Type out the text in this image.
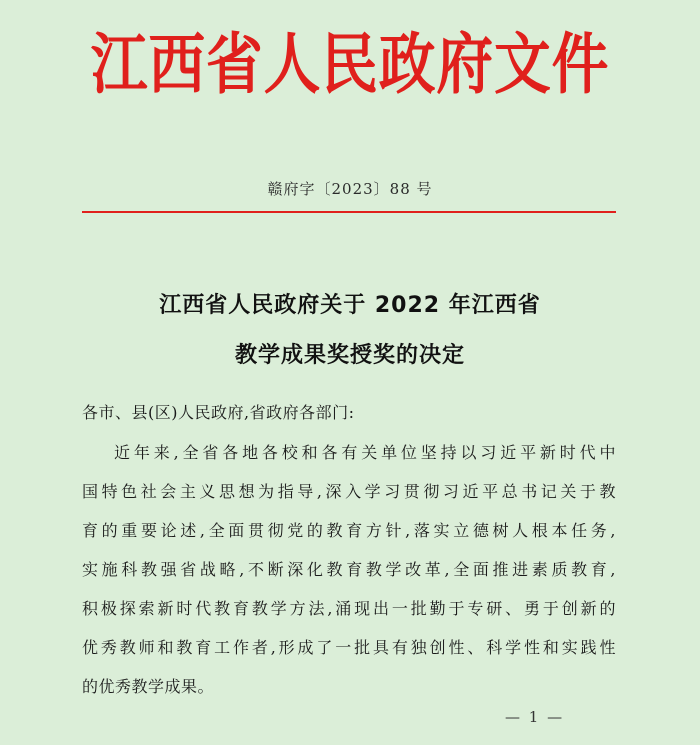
江西省人民政府文件
赣府字〔2023〕88 号
江西省人民政府关于 2022 年江西省
教学成果奖授奖的决定
各市、县(区)人民政府,省政府各部门:
近年来,全省各地各校和各有关单位坚持以习近平新时代中
国特色社会主义思想为指导,深入学习贯彻习近平总书记关于教
育的重要论述,全面贯彻党的教育方针,落实立德树人根本任务,
实施科教强省战略,不断深化教育教学改革,全面推进素质教育,
积极探索新时代教育教学方法,涌现出一批勤于专研、勇于创新的
优秀教师和教育工作者,形成了一批具有独创性、科学性和实践性
的优秀教学成果。
— 1 —
